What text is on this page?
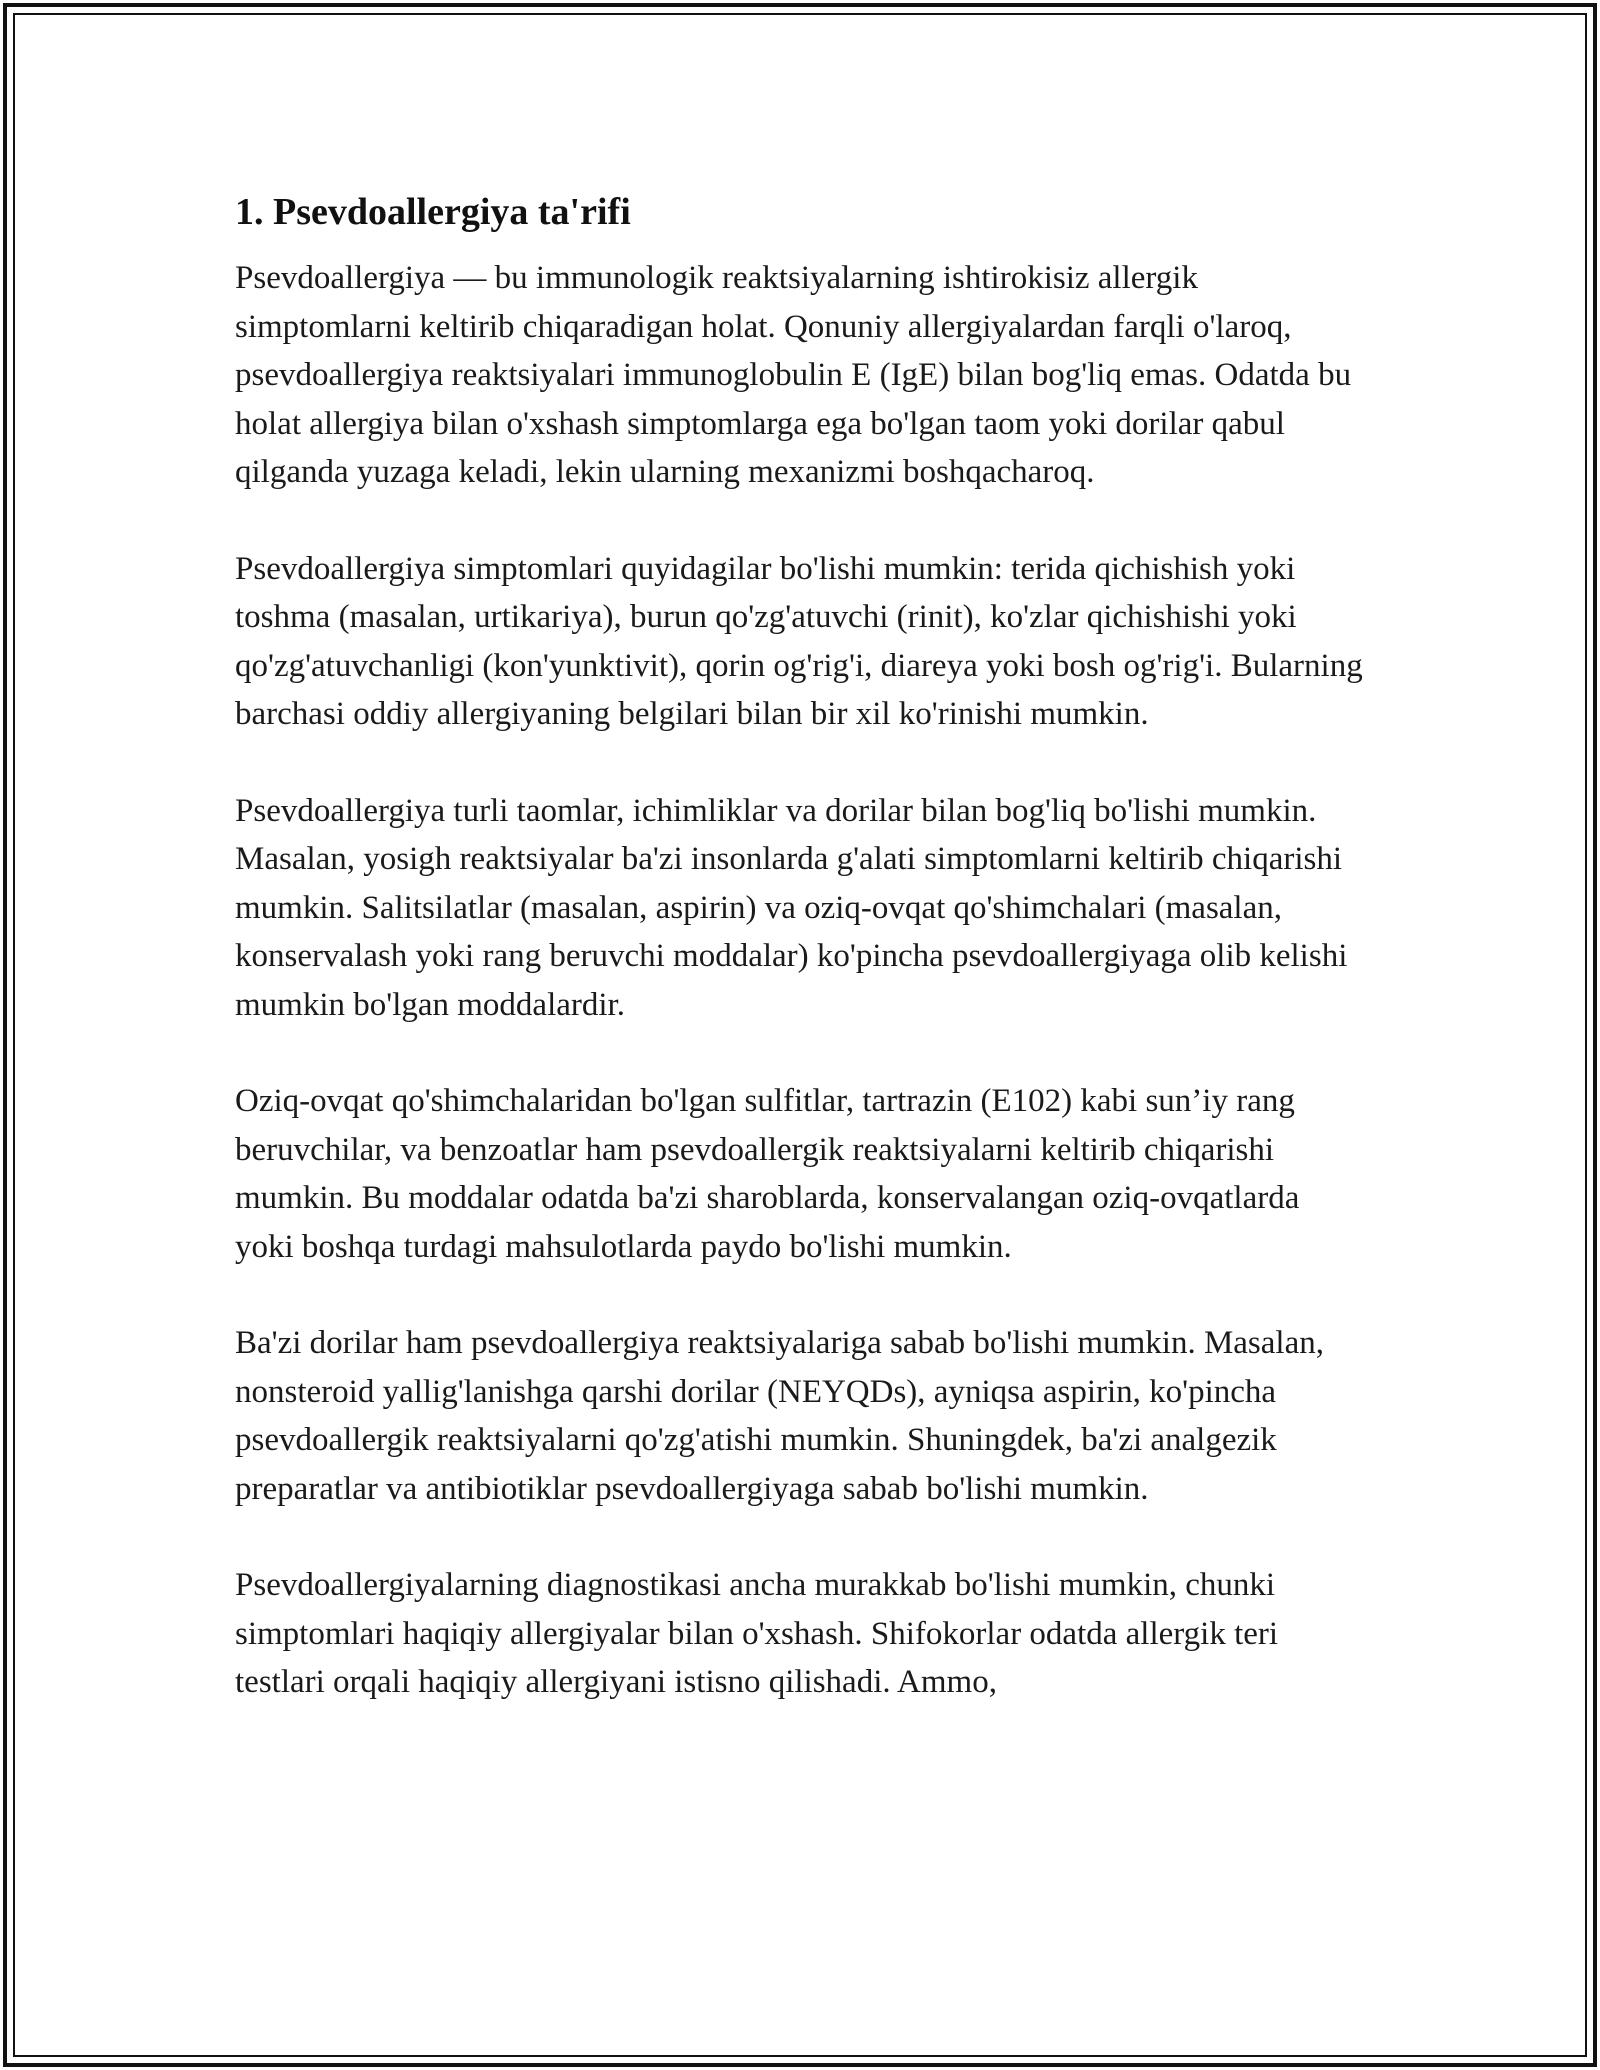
1. Psevdoallergiya ta'rifi

Psevdoallergiya — bu immunologik reaktsiyalarning ishtirokisiz allergik simptomlarni keltirib chiqaradigan holat. Qonuniy allergiyalardan farqli o'laroq, psevdoallergiya reaktsiyalari immunoglobulin E (IgE) bilan bog'liq emas. Odatda bu holat allergiya bilan o'xshash simptomlarga ega bo'lgan taom yoki dorilar qabul qilganda yuzaga keladi, lekin ularning mexanizmi boshqacharoq.

Psevdoallergiya simptomlari quyidagilar bo'lishi mumkin: terida qichishish yoki toshma (masalan, urtikariya), burun qo'zg'atuvchi (rinit), ko'zlar qichishishi yoki qo'zg'atuvchanligi (kon'yunktivit), qorin og'rig'i, diareya yoki bosh og'rig'i. Bularning barchasi oddiy allergiyaning belgilari bilan bir xil ko'rinishi mumkin.

Psevdoallergiya turli taomlar, ichimliklar va dorilar bilan bog'liq bo'lishi mumkin. Masalan, yosigh reaktsiyalar ba'zi insonlarda g'alati simptomlarni keltirib chiqarishi mumkin. Salitsilatlar (masalan, aspirin) va oziq-ovqat qo'shimchalari (masalan, konservalash yoki rang beruvchi moddalar) ko'pincha psevdoallergiyaga olib kelishi mumkin bo'lgan moddalardir.

Oziq-ovqat qo'shimchalaridan bo'lgan sulfitlar, tartrazin (E102) kabi sun’iy rang beruvchilar, va benzoatlar ham psevdoallergik reaktsiyalarni keltirib chiqarishi mumkin. Bu moddalar odatda ba'zi sharoblarda, konservalangan oziq-ovqatlarda yoki boshqa turdagi mahsulotlarda paydo bo'lishi mumkin.

Ba'zi dorilar ham psevdoallergiya reaktsiyalariga sabab bo'lishi mumkin. Masalan, nonsteroid yallig'lanishga qarshi dorilar (NEYQDs), ayniqsa aspirin, ko'pincha psevdoallergik reaktsiyalarni qo'zg'atishi mumkin. Shuningdek, ba'zi analgezik preparatlar va antibiotiklar psevdoallergiyaga sabab bo'lishi mumkin.

Psevdoallergiyalarning diagnostikasi ancha murakkab bo'lishi mumkin, chunki simptomlari haqiqiy allergiyalar bilan o'xshash. Shifokorlar odatda allergik teri testlari orqali haqiqiy allergiyani istisno qilishadi. Ammo,
